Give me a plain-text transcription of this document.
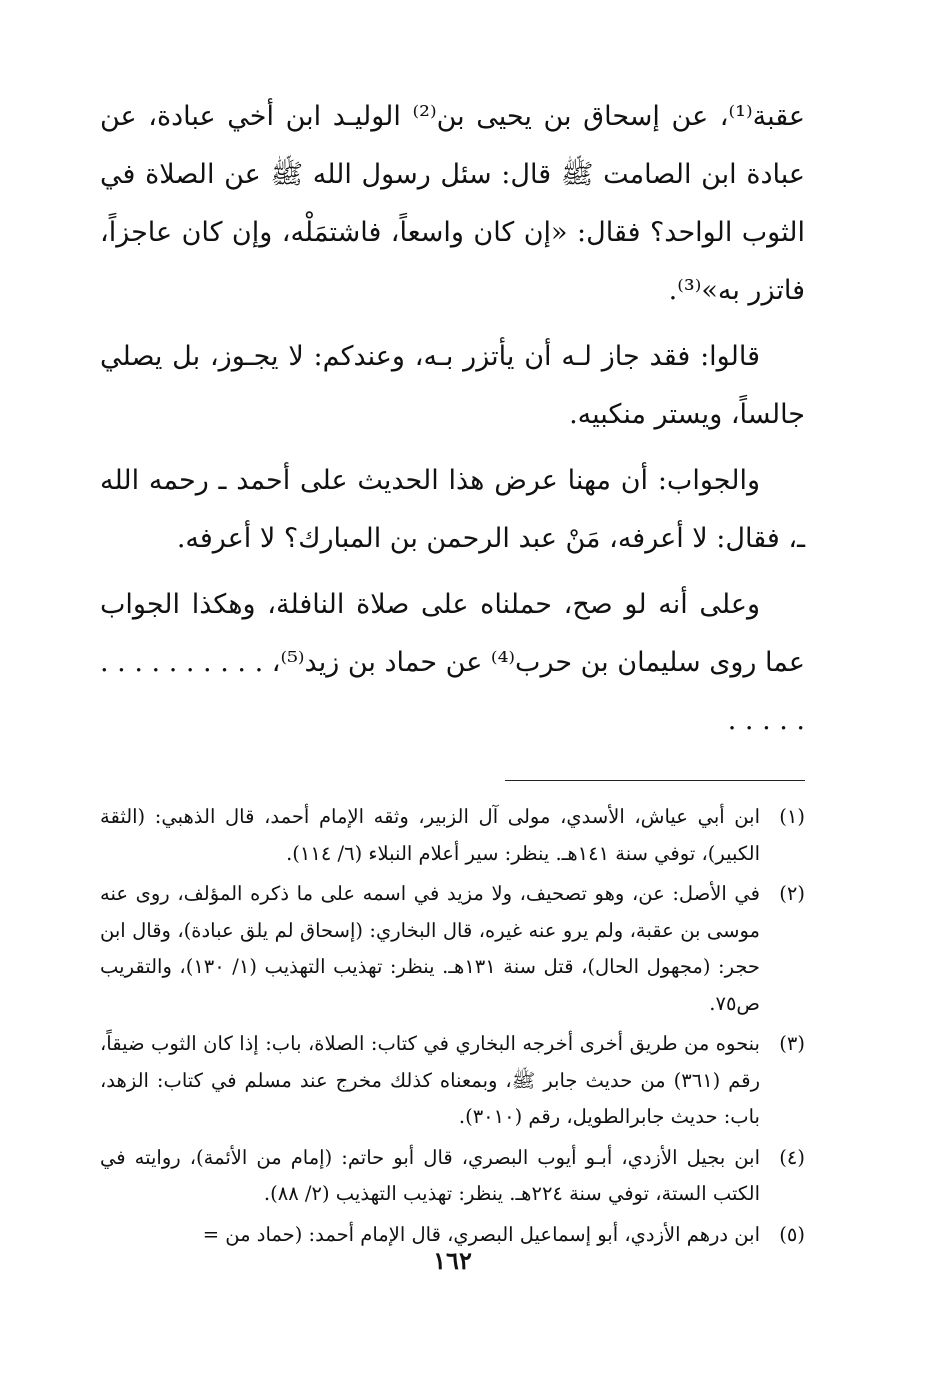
عقبة⁽¹⁾، عن إسحاق بن يحيى بن⁽²⁾ الوليـد ابن أخي عبادة، عن عبادة ابن الصامت ﷺ قال: سئل رسول الله ﷺ عن الصلاة في الثوب الواحد؟ فقال: «إن كان واسعاً، فاشتمَلْه، وإن كان عاجزاً، فاتزر به»⁽³⁾.

قالوا: فقد جاز لـه أن يأتزر بـه، وعندكم: لا يجـوز، بل يصلي جالساً، ويستر منكبيه.

والجواب: أن مهنا عرض هذا الحديث على أحمد ـ رحمه الله ـ، فقال: لا أعرفه، مَنْ عبد الرحمن بن المبارك؟ لا أعرفه.

وعلى أنه لو صح، حملناه على صلاة النافلة، وهكذا الجواب عما روى سليمان بن حرب⁽⁴⁾ عن حماد بن زيد⁽⁵⁾، . . . . . . . . . . . . . . .

(١)
ابن أبي عياش، الأسدي، مولى آل الزبير، وثقه الإمام أحمد، قال الذهبي: (الثقة الكبير)، توفي سنة ١٤١هـ. ينظر: سير أعلام النبلاء (٦/ ١١٤).
(٢)
في الأصل: عن، وهو تصحيف، ولا مزيد في اسمه على ما ذكره المؤلف، روى عنه موسى بن عقبة، ولم يرو عنه غيره، قال البخاري: (إسحاق لم يلق عبادة)، وقال ابن حجر: (مجهول الحال)، قتل سنة ١٣١هـ. ينظر: تهذيب التهذيب (١/ ١٣٠)، والتقريب ص٧٥.
(٣)
بنحوه من طريق أخرى أخرجه البخاري في كتاب: الصلاة، باب: إذا كان الثوب ضيقاً، رقم (٣٦١) من حديث جابر ﷺ، وبمعناه كذلك مخرج عند مسلم في كتاب: الزهد، باب: حديث جابرالطويل، رقم (٣٠١٠).
(٤)
ابن بجيل الأزدي، أبـو أيوب البصري، قال أبو حاتم: (إمام من الأئمة)، روايته في الكتب الستة، توفي سنة ٢٢٤هـ. ينظر: تهذيب التهذيب (٢/ ٨٨).
(٥)
ابن درهم الأزدي، أبو إسماعيل البصري، قال الإمام أحمد: (حماد من =
١٦٢
